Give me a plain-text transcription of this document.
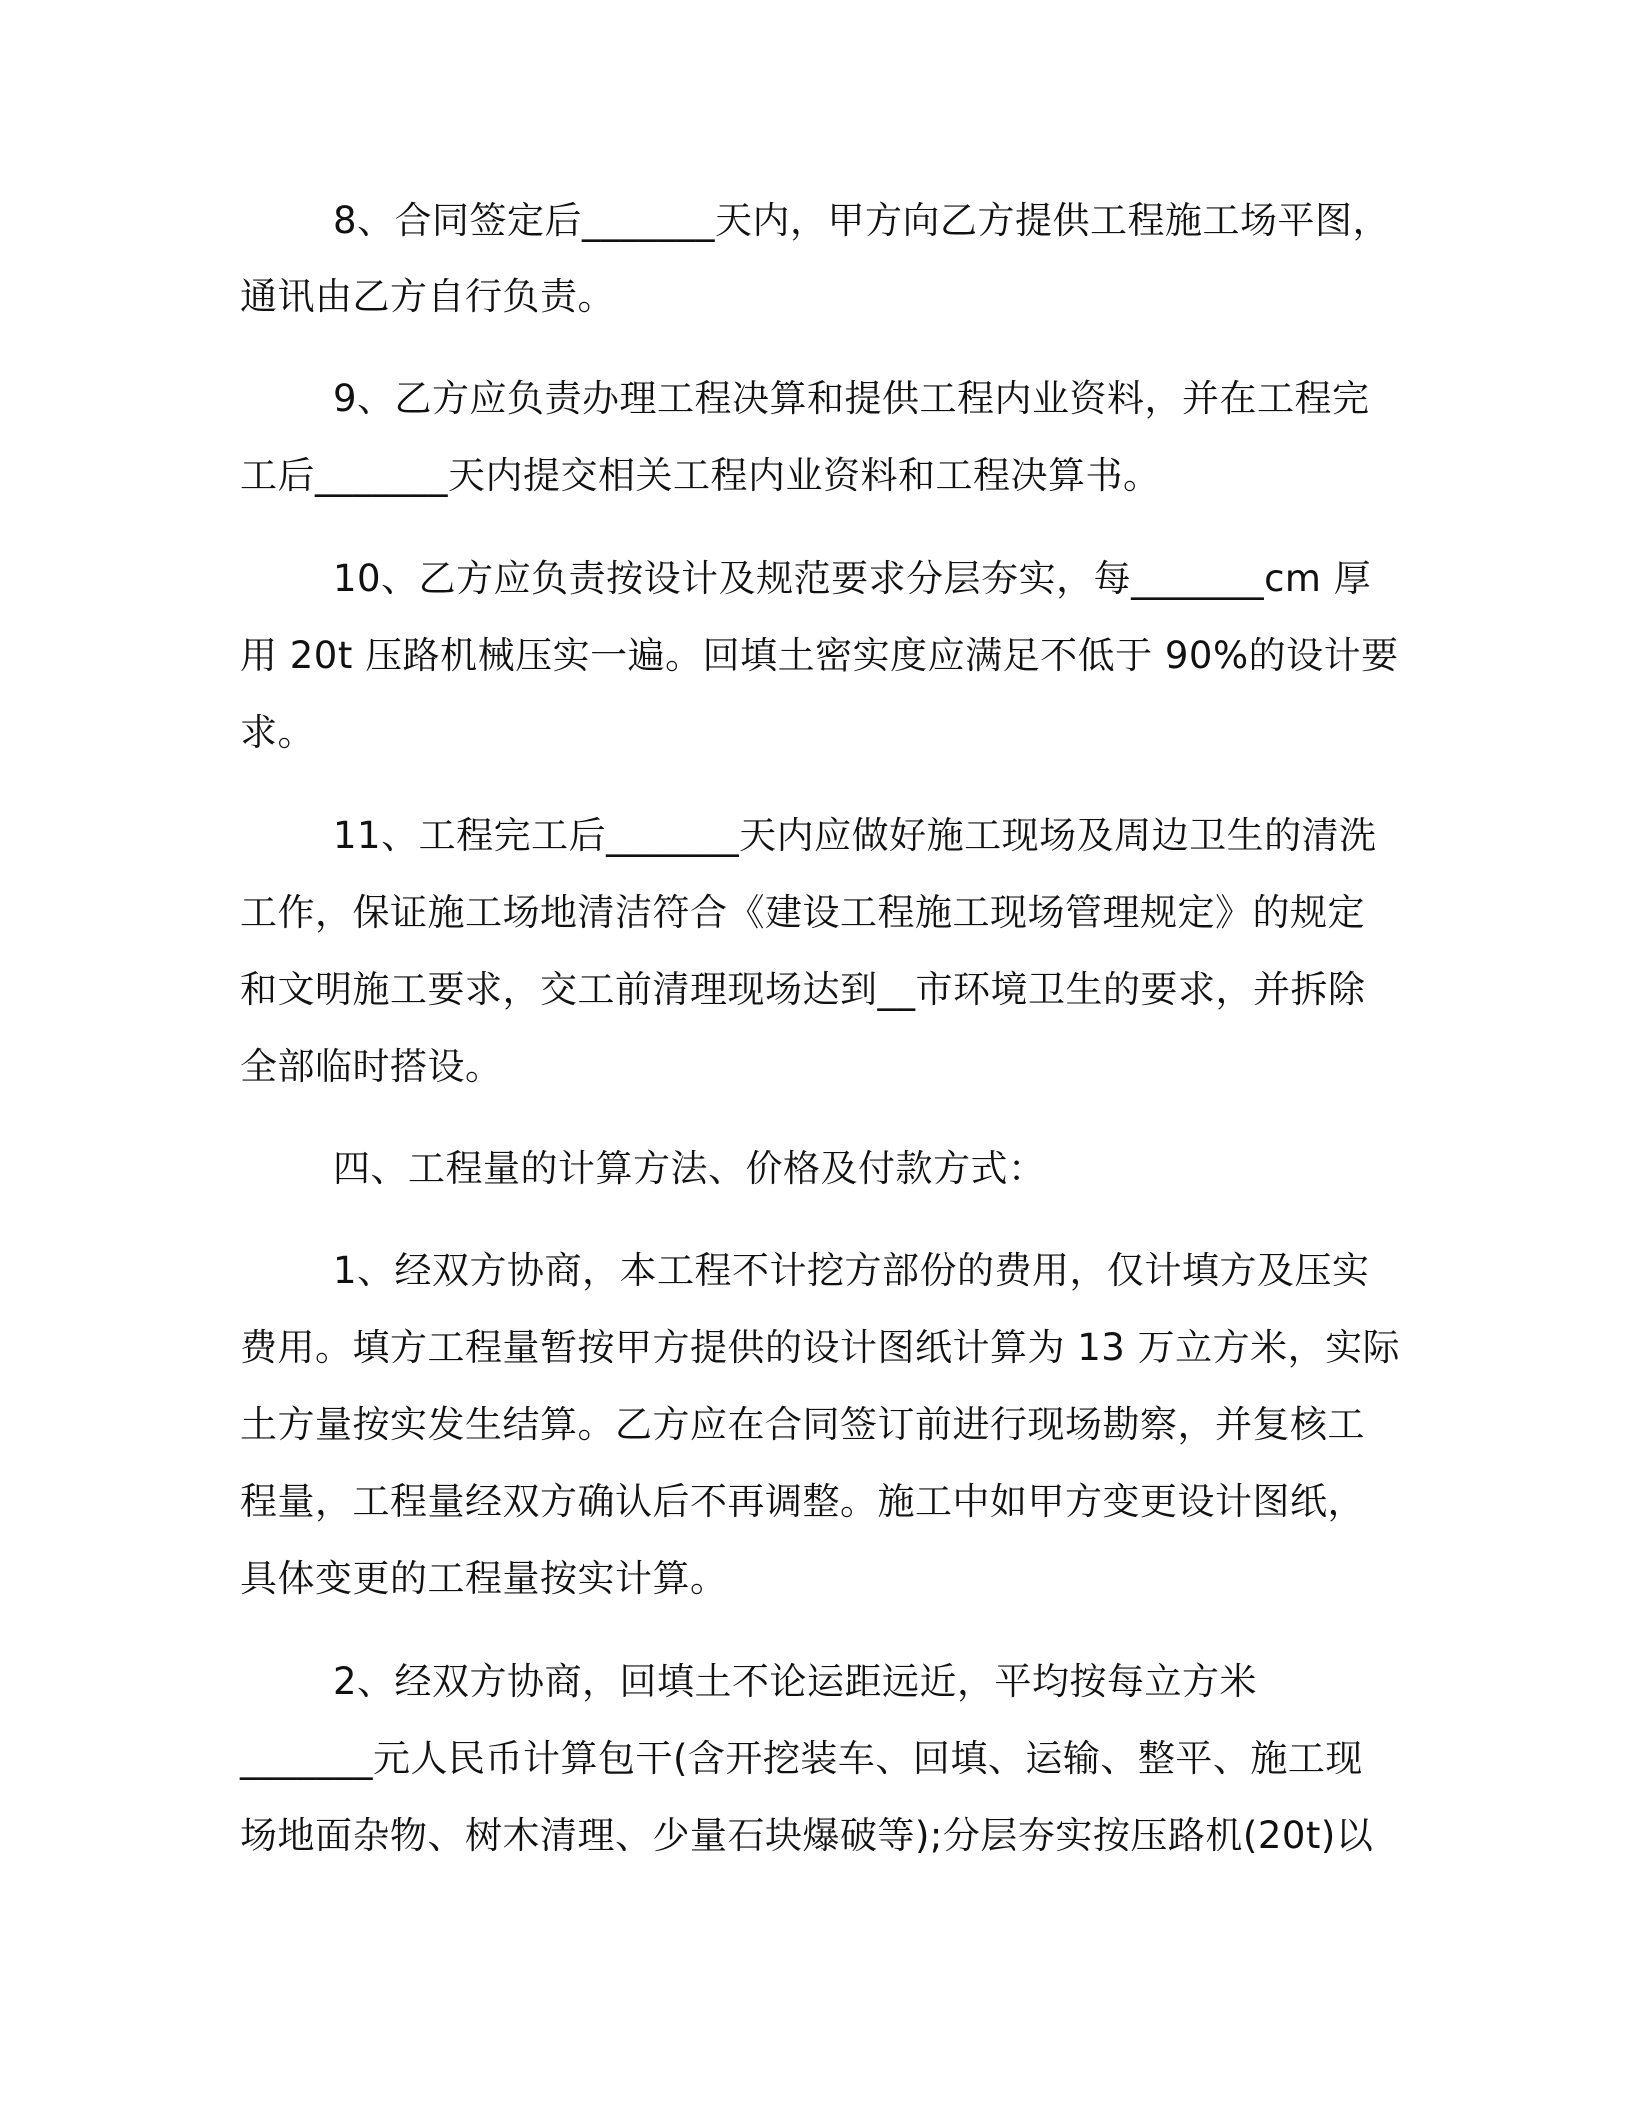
8、合同签定后_______天内，甲方向乙方提供工程施工场平图，
通讯由乙方自行负责。
9、乙方应负责办理工程决算和提供工程内业资料，并在工程完
工后_______天内提交相关工程内业资料和工程决算书。
10、乙方应负责按设计及规范要求分层夯实，每_______cm 厚
用 20t 压路机械压实一遍。回填土密实度应满足不低于 90%的设计要
求。
11、工程完工后_______天内应做好施工现场及周边卫生的清洗
工作，保证施工场地清洁符合《建设工程施工现场管理规定》的规定
和文明施工要求，交工前清理现场达到__市环境卫生的要求，并拆除
全部临时搭设。
四、工程量的计算方法、价格及付款方式：
1、经双方协商，本工程不计挖方部份的费用，仅计填方及压实
费用。填方工程量暂按甲方提供的设计图纸计算为 13 万立方米，实际
土方量按实发生结算。乙方应在合同签订前进行现场勘察，并复核工
程量，工程量经双方确认后不再调整。施工中如甲方变更设计图纸，
具体变更的工程量按实计算。
2、经双方协商，回填土不论运距远近，平均按每立方米
_______元人民币计算包干(含开挖装车、回填、运输、整平、施工现
场地面杂物、树木清理、少量石块爆破等);分层夯实按压路机(20t)以
